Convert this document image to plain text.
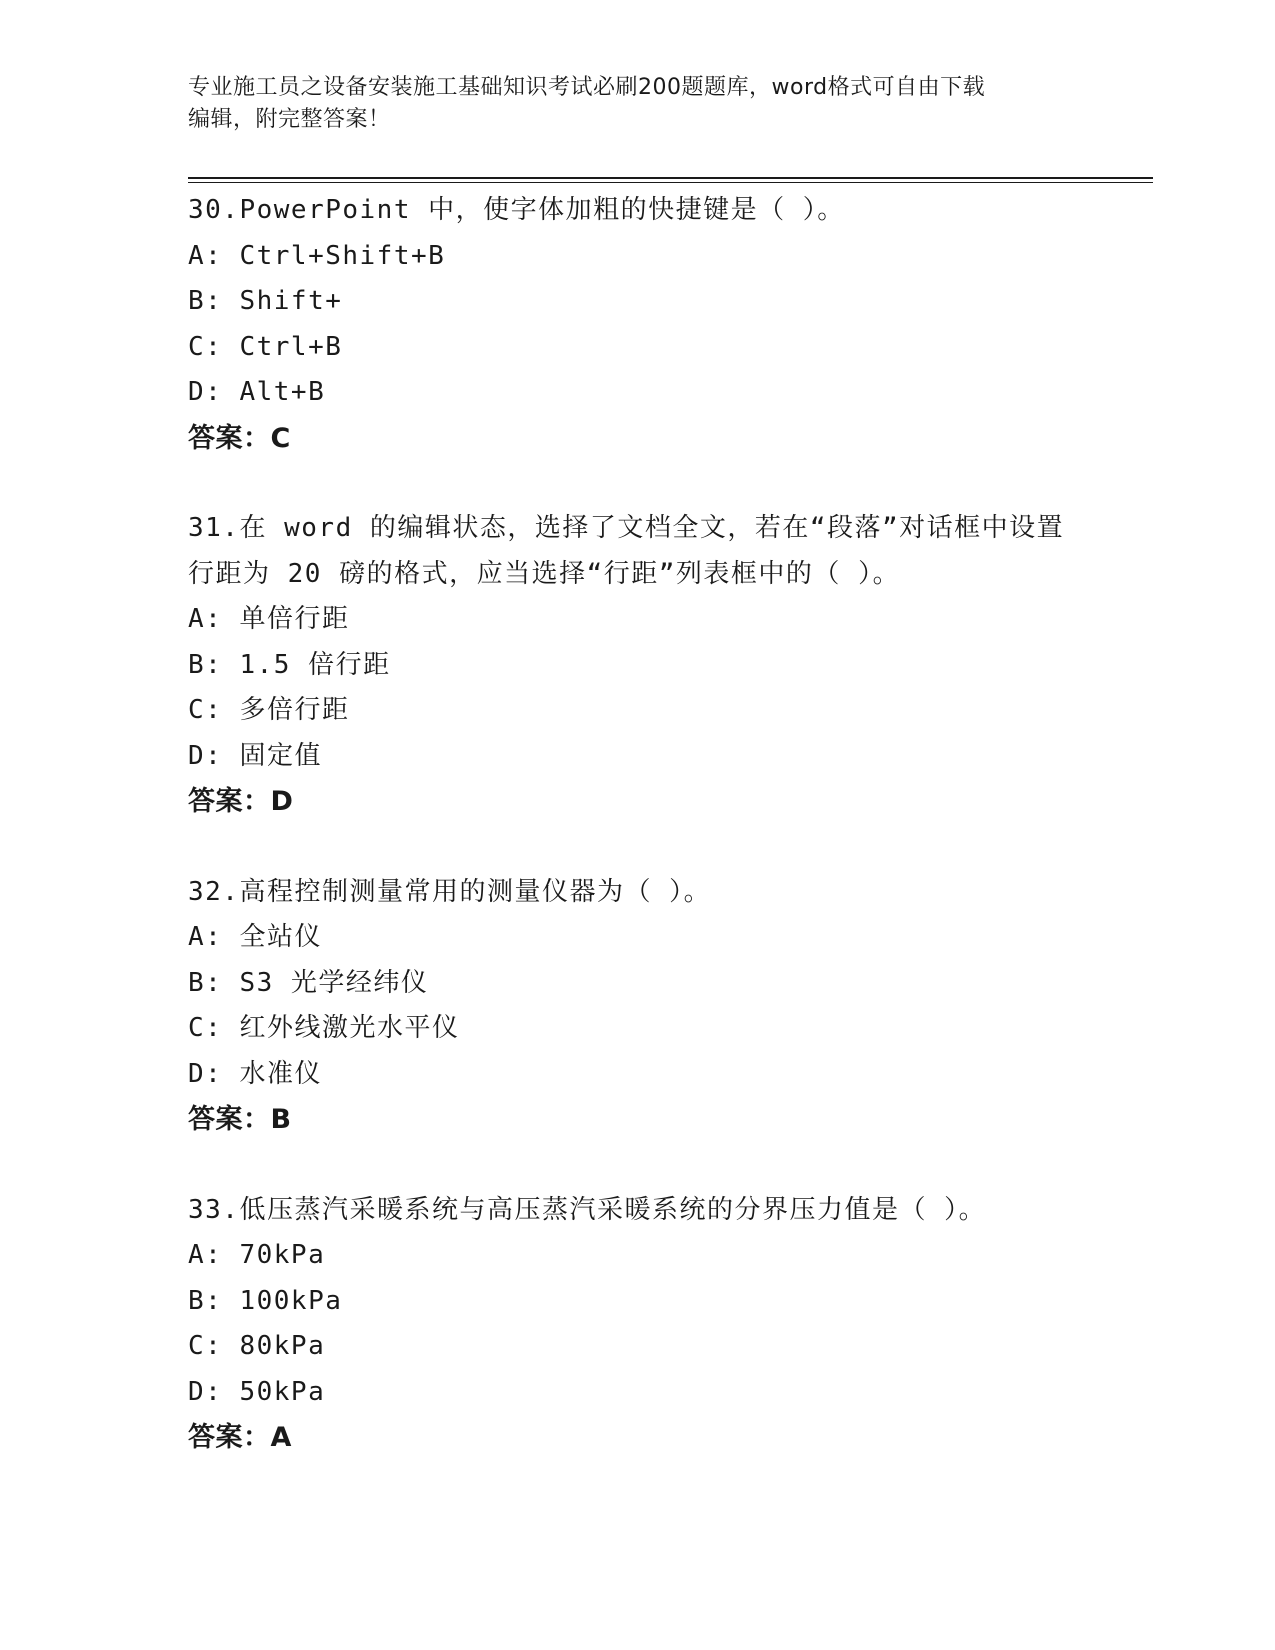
专业施工员之设备安装施工基础知识考试必刷200题题库，word格式可自由下载
编辑，附完整答案！
30.PowerPoint 中，使字体加粗的快捷键是（ ）。
A: Ctrl+Shift+B
B: Shift+
C: Ctrl+B
D: Alt+B
答案：C
31.在 word 的编辑状态，选择了文档全文，若在“段落”对话框中设置行距为 20 磅的格式，应当选择“行距”列表框中的（ ）。
A: 单倍行距
B: 1.5 倍行距
C: 多倍行距
D: 固定值
答案：D
32.高程控制测量常用的测量仪器为（ ）。
A: 全站仪
B: S3 光学经纬仪
C: 红外线激光水平仪
D: 水准仪
答案：B
33.低压蒸汽采暖系统与高压蒸汽采暖系统的分界压力值是（ ）。
A: 70kPa
B: 100kPa
C: 80kPa
D: 50kPa
答案：A
